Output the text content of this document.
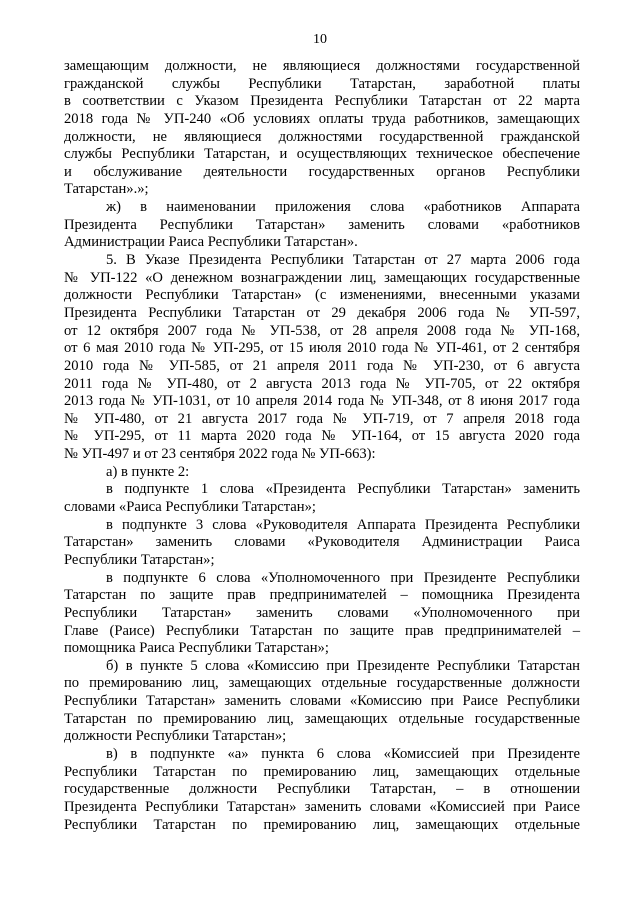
10
замещающим должности, не являющиеся должностями государственной
гражданской службы Республики Татарстан, заработной платы
в соответствии с Указом Президента Республики Татарстан от 22 марта
2018 года № УП-240 «Об условиях оплаты труда работников, замещающих
должности, не являющиеся должностями государственной гражданской
службы Республики Татарстан, и осуществляющих техническое обеспечение
и обслуживание деятельности государственных органов Республики
Татарстан».»;
ж) в наименовании приложения слова «работников Аппарата
Президента Республики Татарстан» заменить словами «работников
Администрации Раиса Республики Татарстан».
5. В Указе Президента Республики Татарстан от 27 марта 2006 года
№ УП-122 «О денежном вознаграждении лиц, замещающих государственные
должности Республики Татарстан» (с изменениями, внесенными указами
Президента Республики Татарстан от 29 декабря 2006 года № УП-597,
от 12 октября 2007 года № УП-538, от 28 апреля 2008 года № УП-168,
от 6 мая 2010 года № УП-295, от 15 июля 2010 года № УП-461, от 2 сентября
2010 года № УП-585, от 21 апреля 2011 года № УП-230, от 6 августа
2011 года № УП-480, от 2 августа 2013 года № УП-705, от 22 октября
2013 года № УП-1031, от 10 апреля 2014 года № УП-348, от 8 июня 2017 года
№ УП-480, от 21 августа 2017 года № УП-719, от 7 апреля 2018 года
№ УП-295, от 11 марта 2020 года № УП-164, от 15 августа 2020 года
№ УП-497 и от 23 сентября 2022 года № УП-663):
а) в пункте 2:
в подпункте 1 слова «Президента Республики Татарстан» заменить
словами «Раиса Республики Татарстан»;
в подпункте 3 слова «Руководителя Аппарата Президента Республики
Татарстан» заменить словами «Руководителя Администрации Раиса
Республики Татарстан»;
в подпункте 6 слова «Уполномоченного при Президенте Республики
Татарстан по защите прав предпринимателей – помощника Президента
Республики Татарстан» заменить словами «Уполномоченного при
Главе (Раисе) Республики Татарстан по защите прав предпринимателей –
помощника Раиса Республики Татарстан»;
б) в пункте 5 слова «Комиссию при Президенте Республики Татарстан
по премированию лиц, замещающих отдельные государственные должности
Республики Татарстан» заменить словами «Комиссию при Раисе Республики
Татарстан по премированию лиц, замещающих отдельные государственные
должности Республики Татарстан»;
в) в подпункте «а» пункта 6 слова «Комиссией при Президенте
Республики Татарстан по премированию лиц, замещающих отдельные
государственные должности Республики Татарстан, – в отношении
Президента Республики Татарстан» заменить словами «Комиссией при Раисе
Республики Татарстан по премированию лиц, замещающих отдельные
